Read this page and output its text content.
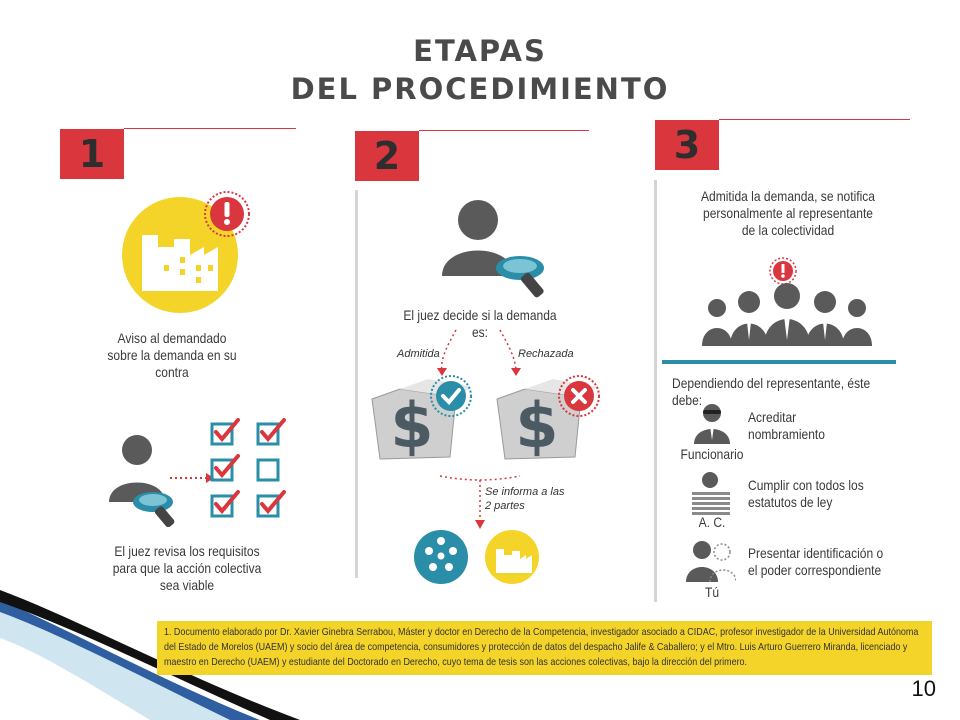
ETAPAS
DEL PROCEDIMIENTO
1
Aviso al demandado sobre la demanda en su contra
El juez revisa los requisitos para que la acción colectiva sea viable
2
El juez decide si la demanda es:
Admitida	Rechazada
$ $
Se informa a las 2 partes
3
Admitida la demanda, se notifica personalmente al representante de la colectividad
Dependiendo del representante, éste debe:
Funcionario
Acreditar nombramiento
A. C.
Cumplir con todos los estatutos de ley
Tú
Presentar identificación o el poder correspondiente

1. Documento elaborado por Dr. Xavier Ginebra Serrabou, Máster y doctor en Derecho de la Competencia, investigador asociado a CIDAC, profesor investigador de la Universidad Autónoma del Estado de Morelos (UAEM) y socio del área de competencia, consumidores y protección de datos del despacho Jalife & Caballero; y el Mtro. Luis Arturo Guerrero Miranda, licenciado y maestro en Derecho (UAEM) y estudiante del Doctorado en Derecho, cuyo tema de tesis son las acciones colectivas, bajo la dirección del primero.

10
